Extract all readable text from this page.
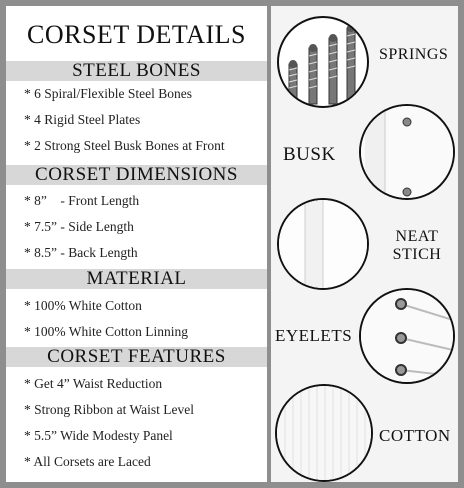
CORSET DETAILS
STEEL BONES
* 6 Spiral/Flexible Steel Bones
* 4 Rigid Steel Plates
* 2 Strong Steel Busk Bones at Front
CORSET DIMENSIONS
* 8”    - Front Length
* 7.5” - Side Length
* 8.5” - Back Length
MATERIAL
* 100% White Cotton
* 100% White Cotton Linning
CORSET FEATURES
* Get 4” Waist Reduction
* Strong Ribbon at Waist Level
* 5.5” Wide Modesty Panel
* All Corsets are Laced
SPRINGS
BUSK
NEAT
STICH
EYELETS
COTTON
